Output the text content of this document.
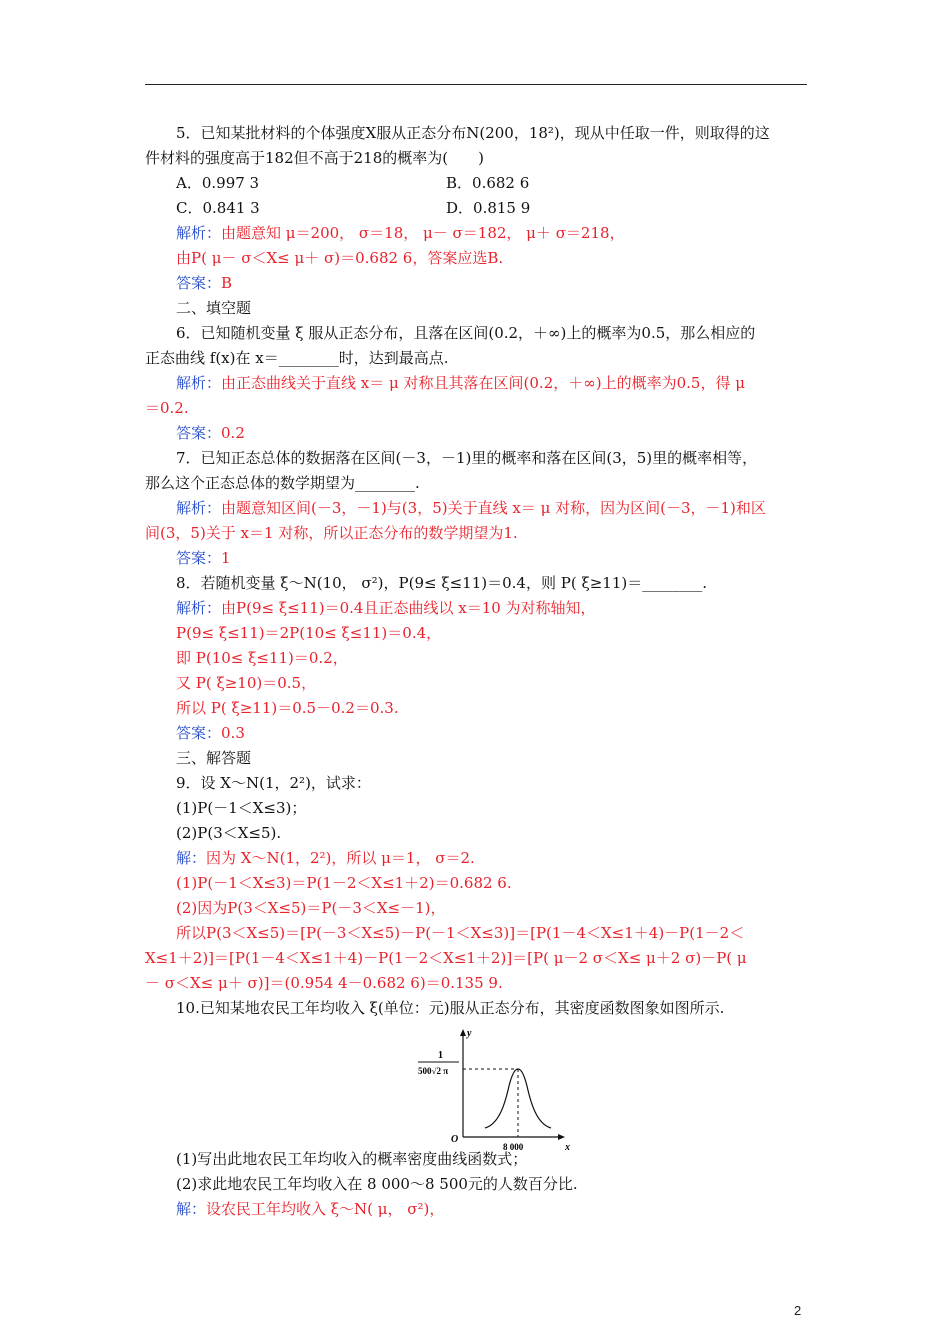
5．已知某批材料的个体强度X服从正态分布N(200，18²)，现从中任取一件，则取得的这
件材料的强度高于182但不高于218的概率为(　　)
A．0.997 3	B．0.682 6
C．0.841 3	D．0.815 9
解析：由题意知 μ＝200， σ＝18， μ－ σ＝182， μ＋ σ＝218，
由P( μ－ σ＜X≤ μ＋ σ)＝0.682 6，答案应选B.
答案：B
二、填空题
6．已知随机变量 ξ 服从正态分布，且落在区间(0.2，＋∞)上的概率为0.5，那么相应的
正态曲线 f(x)在 x＝________时，达到最高点.
解析：由正态曲线关于直线 x＝ μ 对称且其落在区间(0.2，＋∞)上的概率为0.5，得 μ
＝0.2.
答案：0.2
7．已知正态总体的数据落在区间(－3，－1)里的概率和落在区间(3，5)里的概率相等，
那么这个正态总体的数学期望为________.
解析：由题意知区间(－3，－1)与(3，5)关于直线 x＝ μ 对称，因为区间(－3，－1)和区
间(3，5)关于 x＝1 对称，所以正态分布的数学期望为1.
答案：1
8．若随机变量 ξ～N(10， σ²)，P(9≤ ξ≤11)＝0.4，则 P( ξ≥11)＝________.
解析：由P(9≤ ξ≤11)＝0.4且正态曲线以 x＝10 为对称轴知，
P(9≤ ξ≤11)＝2P(10≤ ξ≤11)＝0.4，
即 P(10≤ ξ≤11)＝0.2，
又 P( ξ≥10)＝0.5，
所以 P( ξ≥11)＝0.5－0.2＝0.3.
答案：0.3
三、解答题
9．设 X～N(1，2²)，试求：
(1)P(－1＜X≤3)；
(2)P(3＜X≤5).
解：因为 X～N(1，2²)，所以 μ＝1， σ＝2.
(1)P(－1＜X≤3)＝P(1－2＜X≤1＋2)＝0.682 6.
(2)因为P(3＜X≤5)＝P(－3＜X≤－1)，
所以P(3＜X≤5)＝[P(－3＜X≤5)－P(－1＜X≤3)]＝[P(1－4＜X≤1＋4)－P(1－2＜
X≤1＋2)]＝[P(1－4＜X≤1＋4)－P(1－2＜X≤1＋2)]＝[P( μ－2 σ＜X≤ μ＋2 σ)－P( μ
－ σ＜X≤ μ＋ σ)]＝(0.954 4－0.682 6)＝0.135 9.
10.已知某地农民工年均收入 ξ(单位：元)服从正态分布，其密度函数图象如图所示.
y
x
O
1
500√2 π
8 000
(1)写出此地农民工年均收入的概率密度曲线函数式；
(2)求此地农民工年均收入在 8 000～8 500元的人数百分比.
解：设农民工年均收入 ξ～N( μ， σ²)，
2
